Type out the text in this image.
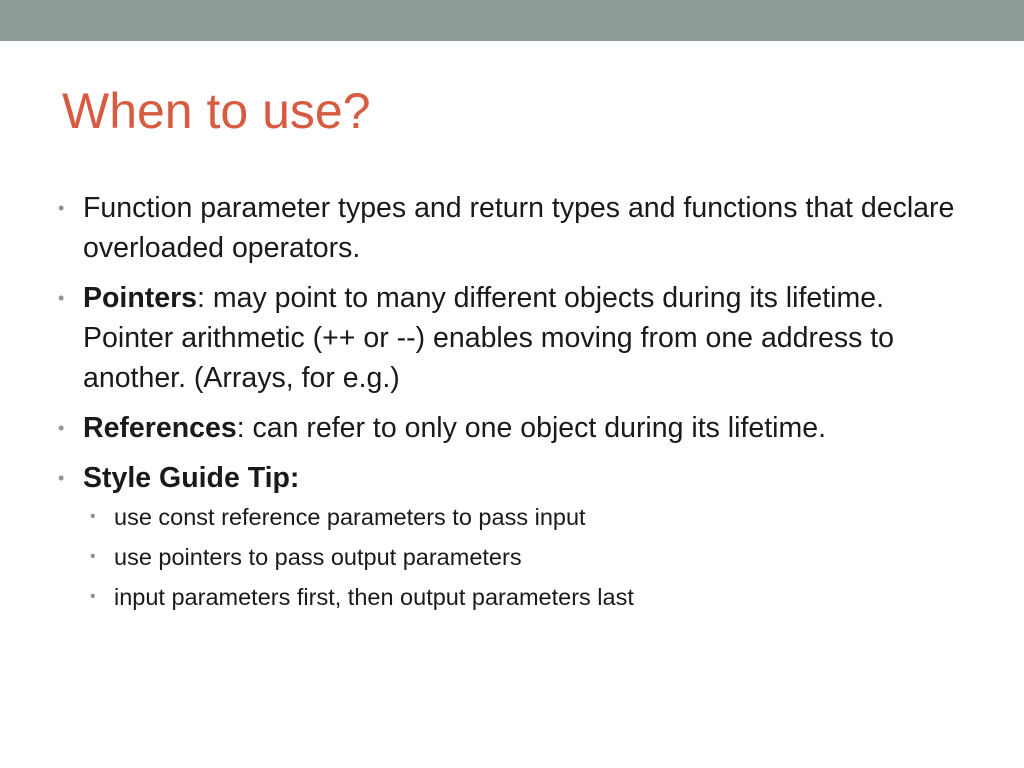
When to use?
• Function parameter types and return types and functions that declare overloaded operators.
• Pointers: may point to many different objects during its lifetime. Pointer arithmetic (++ or --) enables moving from one address to another. (Arrays, for e.g.)
• References: can refer to only one object during its lifetime.
• Style Guide Tip:
• use const reference parameters to pass input
• use pointers to pass output parameters
• input parameters first, then output parameters last
